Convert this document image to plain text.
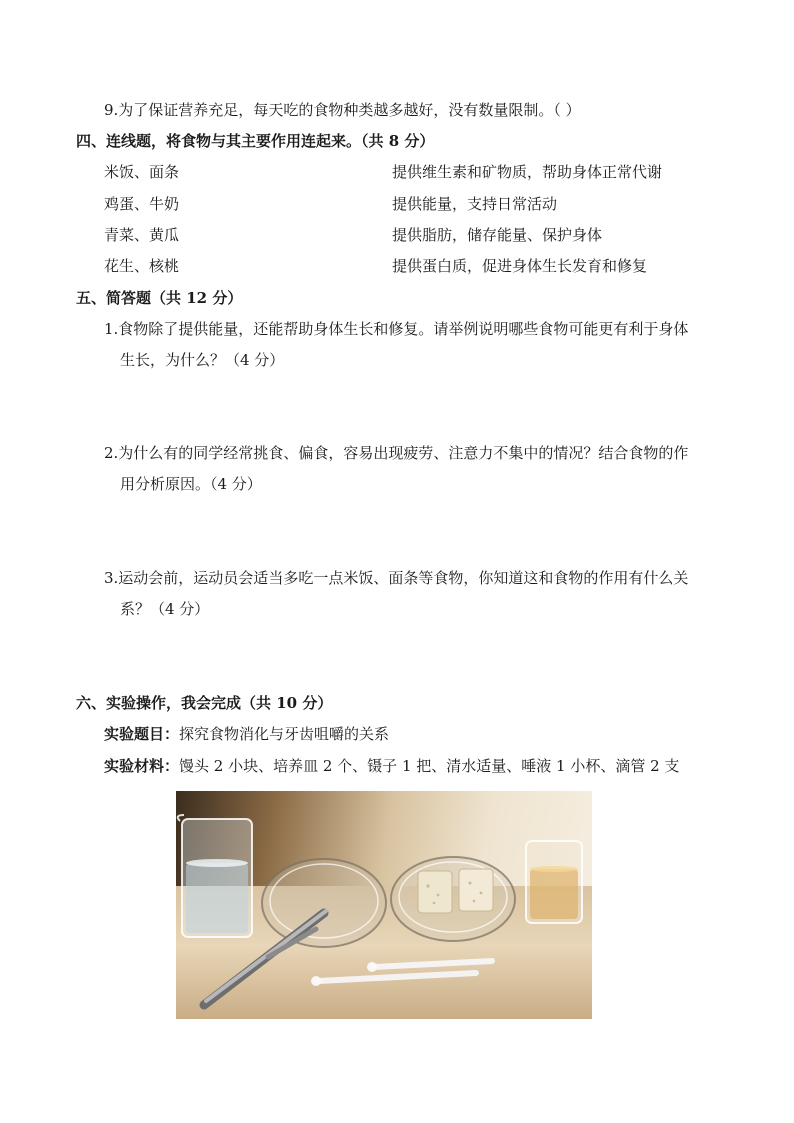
9.为了保证营养充足，每天吃的食物种类越多越好，没有数量限制。（ ）
四、连线题，将食物与其主要作用连起来。（共 8 分）
米饭、面条	提供维生素和矿物质，帮助身体正常代谢
鸡蛋、牛奶	提供能量，支持日常活动
青菜、黄瓜	提供脂肪，储存能量、保护身体
花生、核桃	提供蛋白质，促进身体生长发育和修复
五、简答题（共 12 分）
1.食物除了提供能量，还能帮助身体生长和修复。请举例说明哪些食物可能更有利于身体
生长，为什么？（4 分）
2.为什么有的同学经常挑食、偏食，容易出现疲劳、注意力不集中的情况？结合食物的作
用分析原因。（4 分）
3.运动会前，运动员会适当多吃一点米饭、面条等食物，你知道这和食物的作用有什么关
系？（4 分）
六、实验操作，我会完成（共 10 分）
实验题目：探究食物消化与牙齿咀嚼的关系
实验材料：馒头 2 小块、培养皿 2 个、镊子 1 把、清水适量、唾液 1 小杯、滴管 2 支
